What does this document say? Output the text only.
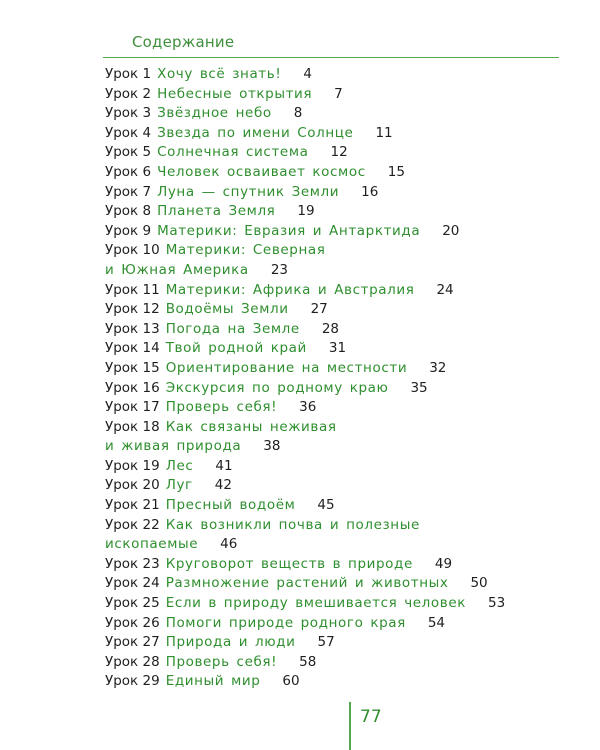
Содержание
Урок 1 Хочу всё знать! 4
Урок 2 Небесные открытия 7
Урок 3 Звёздное небо 8
Урок 4 Звезда по имени Солнце 11
Урок 5 Солнечная система 12
Урок 6 Человек осваивает космос 15
Урок 7 Луна — спутник Земли 16
Урок 8 Планета Земля 19
Урок 9 Материки: Евразия и Антарктида 20
Урок 10 Материки: Северная
и Южная Америка 23
Урок 11 Материки: Африка и Австралия 24
Урок 12 Водоёмы Земли 27
Урок 13 Погода на Земле 28
Урок 14 Твой родной край 31
Урок 15 Ориентирование на местности 32
Урок 16 Экскурсия по родному краю 35
Урок 17 Проверь себя! 36
Урок 18 Как связаны неживая
и живая природа 38
Урок 19 Лес 41
Урок 20 Луг 42
Урок 21 Пресный водоём 45
Урок 22 Как возникли почва и полезные
ископаемые 46
Урок 23 Круговорот веществ в природе 49
Урок 24 Размножение растений и животных 50
Урок 25 Если в природу вмешивается человек 53
Урок 26 Помоги природе родного края 54
Урок 27 Природа и люди 57
Урок 28 Проверь себя! 58
Урок 29 Единый мир 60
77
